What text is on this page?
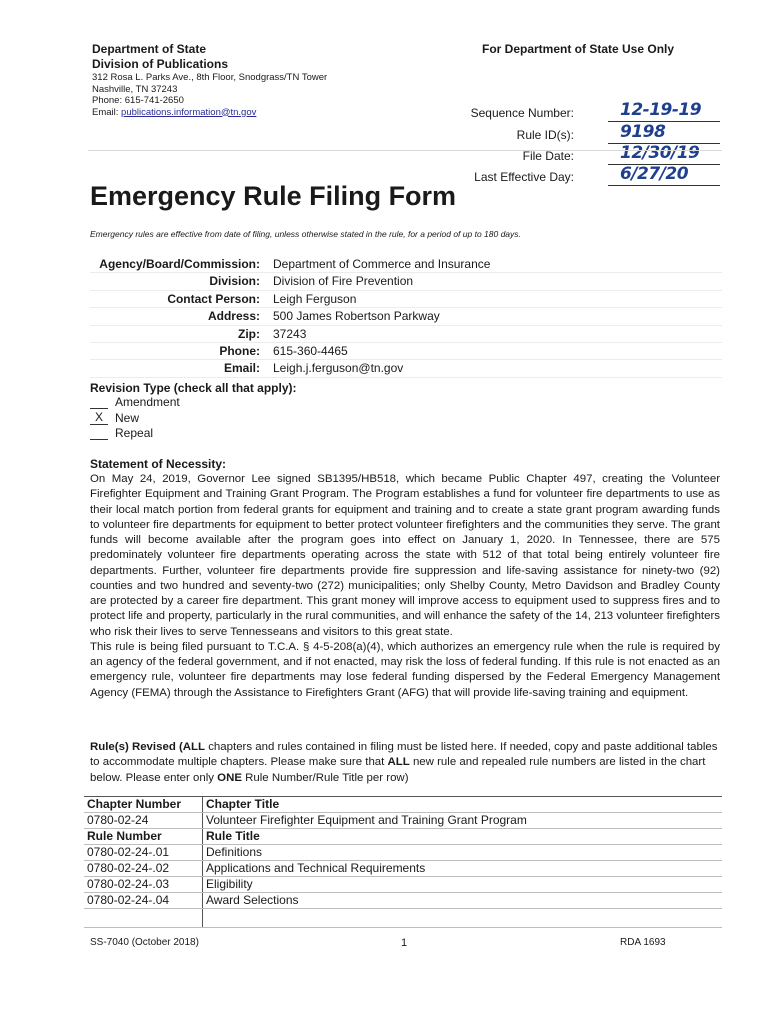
Department of State
Division of Publications
312 Rosa L. Parks Ave., 8th Floor, Snodgrass/TN Tower
Nashville, TN 37243
Phone: 615-741-2650
Email: publications.information@tn.gov
For Department of State Use Only
Sequence Number:	12-19-19
Rule ID(s):	9198
File Date:	12/30/19
Last Effective Day:	6/27/20
Emergency Rule Filing Form
Emergency rules are effective from date of filing, unless otherwise stated in the rule, for a period of up to 180 days.
Agency/Board/Commission: Department of Commerce and Insurance
Division: Division of Fire Prevention
Contact Person: Leigh Ferguson
Address: 500 James Robertson Parkway
Zip: 37243
Phone: 615-360-4465
Email: Leigh.j.ferguson@tn.gov
Revision Type (check all that apply):
Amendment
X	New
Repeal
Statement of Necessity:

On May 24, 2019, Governor Lee signed SB1395/HB518, which became Public Chapter 497, creating the Volunteer Firefighter Equipment and Training Grant Program. The Program establishes a fund for volunteer fire departments to use as their local match portion from federal grants for equipment and training and to create a state grant program awarding funds to volunteer fire departments for equipment to better protect volunteer firefighters and the communities they serve. The grant funds will become available after the program goes into effect on January 1, 2020. In Tennessee, there are 575 predominately volunteer fire departments operating across the state with 512 of that total being entirely volunteer fire departments. Further, volunteer fire departments provide fire suppression and life-saving assistance for ninety-two (92) counties and two hundred and seventy-two (272) municipalities; only Shelby County, Metro Davidson and Bradley County are protected by a career fire department. This grant money will improve access to equipment used to suppress fires and to protect life and property, particularly in the rural communities, and will enhance the safety of the 14, 213 volunteer firefighters who risk their lives to serve Tennesseans and visitors to this great state.

This rule is being filed pursuant to T.C.A. § 4-5-208(a)(4), which authorizes an emergency rule when the rule is required by an agency of the federal government, and if not enacted, may risk the loss of federal funding. If this rule is not enacted as an emergency rule, volunteer fire departments may lose federal funding dispersed by the Federal Emergency Management Agency (FEMA) through the Assistance to Firefighters Grant (AFG) that will provide life-saving training and equipment.

Rule(s) Revised (ALL chapters and rules contained in filing must be listed here. If needed, copy and paste additional tables to accommodate multiple chapters. Please make sure that ALL new rule and repealed rule numbers are listed in the chart below. Please enter only ONE Rule Number/Rule Title per row)
Chapter Number	Chapter Title
0780-02-24	Volunteer Firefighter Equipment and Training Grant Program
Rule Number	Rule Title
0780-02-24-.01	Definitions
0780-02-24-.02	Applications and Technical Requirements
0780-02-24-.03	Eligibility
0780-02-24-.04	Award Selections

SS-7040 (October 2018)	1	RDA 1693
